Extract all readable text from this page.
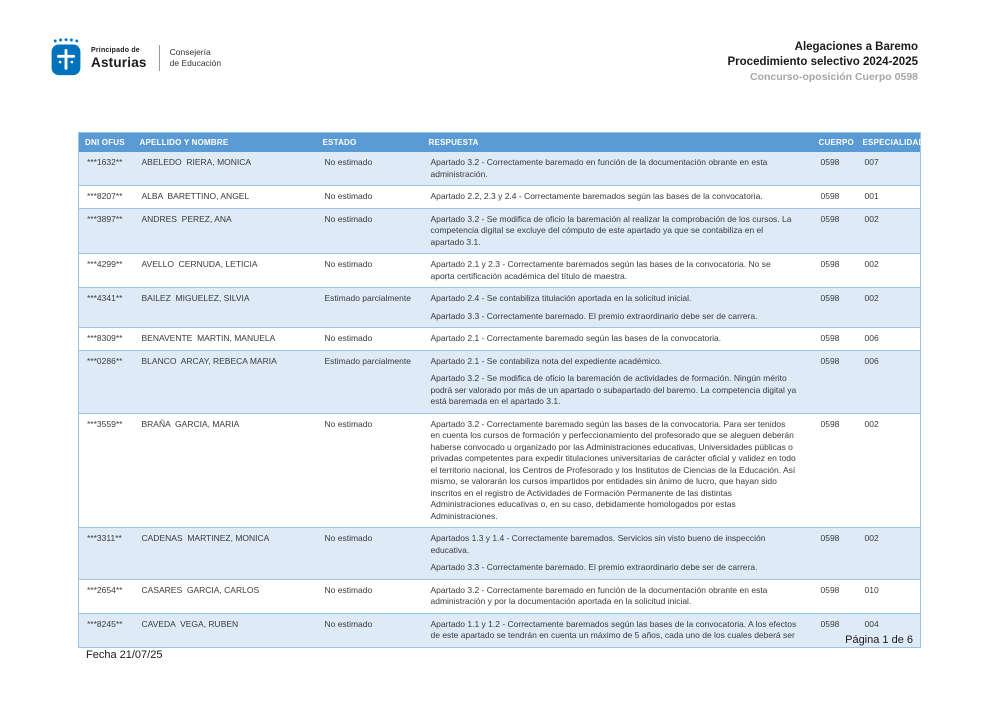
Principado de
Asturias
Consejería
de Educación
Alegaciones a Baremo
Procedimiento selectivo 2024-2025
Concurso-oposición Cuerpo 0598
DNI OFUS	APELLIDO Y NOMBRE	ESTADO	RESPUESTA	CUERPO	ESPECIALIDAD
***1632**	ABELEDO  RIERA, MONICA	No estimado	Apartado 3.2 - Correctamente baremado en función de la documentación obrante en esta administración.	0598	007
***8207**	ALBA  BARETTINO, ANGEL	No estimado	Apartado 2.2, 2.3 y 2.4 - Correctamente baremados según las bases de la convocatoria.	0598	001
***3897**	ANDRES  PEREZ, ANA	No estimado	Apartado 3.2 - Se modifica de oficio la baremación al realizar la comprobación de los cursos. La competencia digital se excluye del cómputo de este apartado ya que se contabiliza en el apartado 3.1.	0598	002
***4299**	AVELLO  CERNUDA, LETICIA	No estimado	Apartado 2.1 y 2.3 - Correctamente baremados según las bases de la convocatoria. No se aporta certificación académica del título de maestra.	0598	002
***4341**	BAILEZ  MIGUELEZ, SILVIA	Estimado parcialmente	Apartado 2.4 - Se contabiliza titulación aportada en la solicitud inicial.

Apartado 3.3 - Correctamente baremado. El premio extraordinario debe ser de carrera.	0598	002
***8309**	BENAVENTE  MARTIN, MANUELA	No estimado	Apartado 2.1 - Correctamente baremado según las bases de la convocatoria.	0598	006
***0286**	BLANCO  ARCAY, REBECA MARIA	Estimado parcialmente	Apartado 2.1 - Se contabiliza nota del expediente académico.

Apartado 3.2 - Se modifica de oficio la baremación de actividades de formación. Ningún mérito podrá ser valorado por más de un apartado o subapartado del baremo. La competencia digital ya está baremada en el apartado 3.1.	0598	006
***3559**	BRAÑA  GARCIA, MARIA	No estimado	Apartado 3.2 - Correctamente baremado según las bases de la convocatoria. Para ser tenidos en cuenta los cursos de formación y perfeccionamiento del profesorado que se aleguen deberán haberse convocado u organizado por las Administraciones educativas, Universidades públicas o privadas competentes para expedir titulaciones universitarias de carácter oficial y validez en todo el territorio nacional, los Centros de Profesorado y los Institutos de Ciencias de la Educación. Así mismo, se valorarán los cursos impartidos por entidades sin ánimo de lucro, que hayan sido inscritos en el registro de Actividades de Formación Permanente de las distintas Administraciones educativas o, en su caso, debidamente homologados por estas Administraciones.	0598	002
***3311**	CADENAS  MARTINEZ, MONICA	No estimado	Apartados 1.3 y 1.4 - Correctamente baremados. Servicios sin visto bueno de inspección educativa.

Apartado 3.3 - Correctamente baremado. El premio extraordinario debe ser de carrera.	0598	002
***2654**	CASARES  GARCIA, CARLOS	No estimado	Apartado 3.2 - Correctamente baremado en función de la documentación obrante en esta administración y por la documentación aportada en la solicitud inicial.	0598	010
***8245**	CAVEDA  VEGA, RUBEN	No estimado	Apartado 1.1 y 1.2 - Correctamente baremados según las bases de la convocatoria. A los efectos de este apartado se tendrán en cuenta un máximo de 5 años, cada uno de los cuales deberá ser	0598	004
Página 1 de 6
Fecha 21/07/25
